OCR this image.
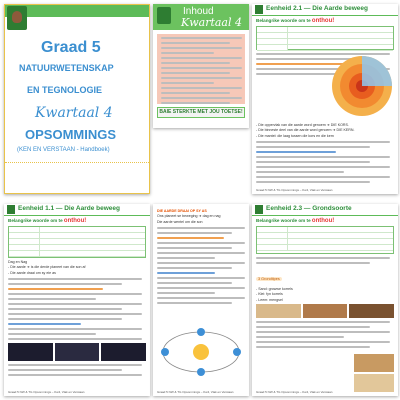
Graad 5
NATUURWETENSKAP
EN TEGNOLOGIE
Kwartaal 4
OPSOMMINGS
(KEN EN VERSTAAN - Handboek)
Inhoud
Kwartaal 4
BAIE STERKTE MET JOU TOETSE!
Eenheid 2.1 — Die Aarde beweeg
Belangrike woorde om te onthou!
- Die oppervlak van die aarde word genoem ➔ DIE KORS.
- Die binneste deel van die aarde word genoem ➔ DIE KERN.
- Die mantel: die laag tussen die kors en die kern
Graad 5 NW & TG Opsommings – Kw4, Vlak en Verstaan
Eenheid 1.1 — Die Aarde beweeg
Belangrike woorde om te onthou!
Dag en Nag
- Die aarde ➔ is die derde planeet van die son af
- Die aarde draai om sy eie as
Graad 5 NW & TG Opsommings – Kw4, Vlak en Verstaan
DIE AARDE DRAAI OP SY AS
Ons planeet se beweging ➔ dag en nag
Die aarde wentel om die son
Graad 5 NW & TG Opsommings – Kw4, Vlak en Verstaan
Eenheid 2.3 — Grondsoorte
Belangrike woorde om te onthou!
3 Grondtipes
- Sand: growwe korrels
- Klei: fyn korrels
- Leem: mengsel
Graad 5 NW & TG Opsommings – Kw4, Vlak en Verstaan
